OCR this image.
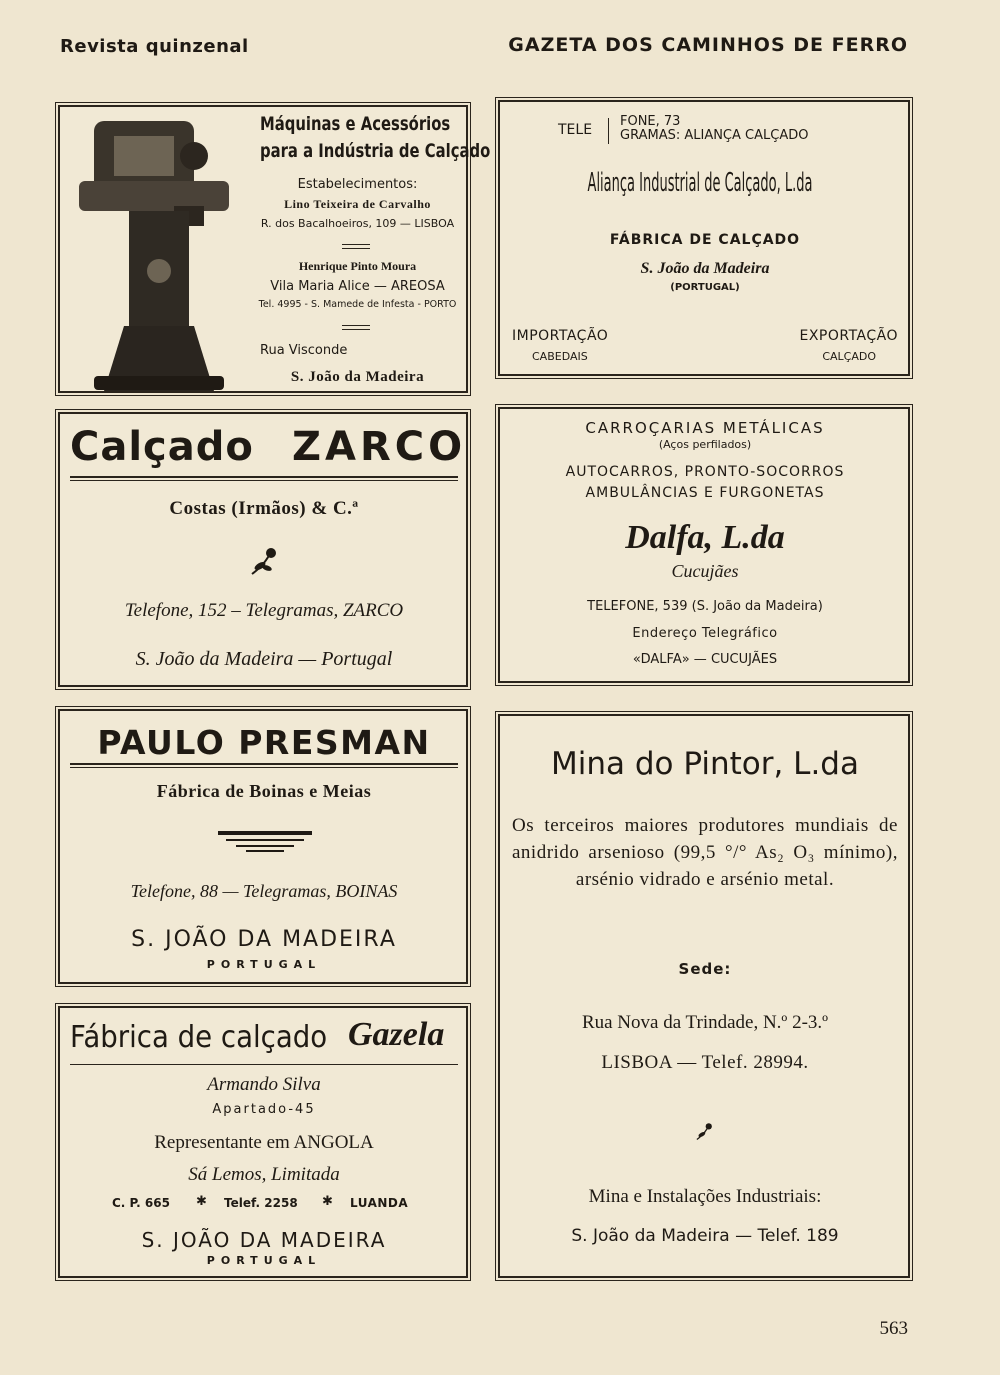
Revista quinzenal	GAZETA DOS CAMINHOS DE FERRO
Máquinas e Acessórios
para a Indústria de Calçado
Estabelecimentos:
Lino Teixeira de Carvalho
R. dos Bacalhoeiros, 109 — LISBOA
Henrique Pinto Moura
Vila Maria Alice — AREOSA
Tel. 4995 - S. Mamede de Infesta - PORTO
Rua Visconde
S. João da Madeira
TELE
FONE, 73
GRAMAS: ALIANÇA CALÇADO
Aliança Industrial de Calçado, L.da
FÁBRICA DE CALÇADO
S. João da Madeira
(PORTUGAL)
IMPORTAÇÃO
CABEDAIS
EXPORTAÇÃO
CALÇADO
Calçado ZARCO
Costas (Irmãos) & C.ª
Telefone, 152 – Telegramas, ZARCO
S. João da Madeira — Portugal
CARROÇARIAS METÁLICAS
(Aços perfilados)
AUTOCARROS, PRONTO-SOCORROS
AMBULÂNCIAS E FURGONETAS
Dalfa, L.da
Cucujães
TELEFONE, 539 (S. João da Madeira)
Endereço Telegráfico
«DALFA» — CUCUJÃES
PAULO PRESMAN
Fábrica de Boinas e Meias
Telefone, 88 — Telegramas, BOINAS
S. JOÃO DA MADEIRA
PORTUGAL
Mina do Pintor, L.da
Os terceiros maiores produtores mundiais de anidrido arsenioso (99,5 °/° As₂ O₃ mínimo), arsénio vidrado e arsénio metal.
Sede:
Rua Nova da Trindade, N.º 2-3.º
LISBOA — Telef. 28994.
Mina e Instalações Industriais:
S. João da Madeira — Telef. 189
Fábrica de calçado Gazela
Armando Silva
Apartado-45
Representante em ANGOLA
Sá Lemos, Limitada
C. P. 665 ✱ Telef. 2258 ✱ LUANDA
S. JOÃO DA MADEIRA
PORTUGAL
563
